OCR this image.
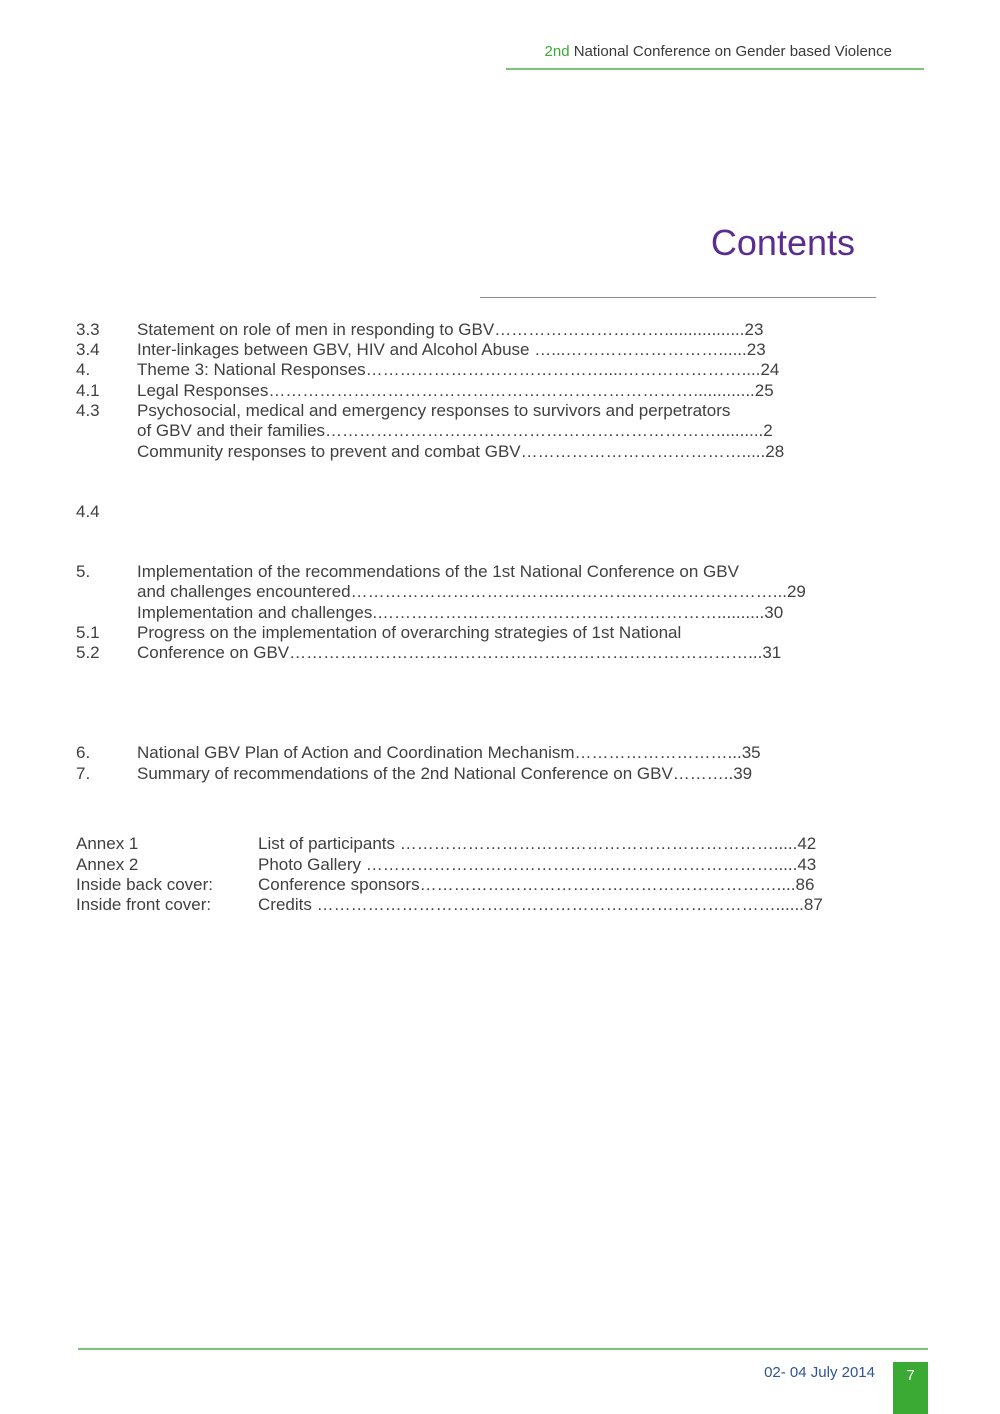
2nd National Conference on Gender based Violence
Contents
3.3 Statement on role of men in responding to GBV………………………….................23
3.4 Inter-linkages between GBV, HIV and Alcohol Abuse …...………………………......23
4.	Theme 3: National Responses……………………………………....…………………....24
4.1 Legal Responses………………………………………………………………….............25
4.3 Psychosocial, medical and emergency responses to survivors and perpetrators
of GBV and their families……………………………………………………………..........2
Community responses to prevent and combat GBV………………………………….....28
4.4
5.	Implementation of the recommendations of the 1st National Conference on GBV
and challenges encountered………………………………..………….……………………...29
Implementation and challenges.……………………………………………………..........30
5.1 Progress on the implementation of overarching strategies of 1st National
5.2 Conference on GBV………………………………………………………………………...31
6.	National GBV Plan of Action and Coordination Mechanism………………………...35
7.	Summary of recommendations of the 2nd National Conference on GBV………..39
Annex 1	List of participants ………………………………………………………….....42
Annex 2	Photo Gallery ……………………………………………………………….....43
Inside back cover:	Conference sponsors………………………………………………………....86
Inside front cover:	Credits ………………………………………………………………………......87
02- 04 July 2014	7
